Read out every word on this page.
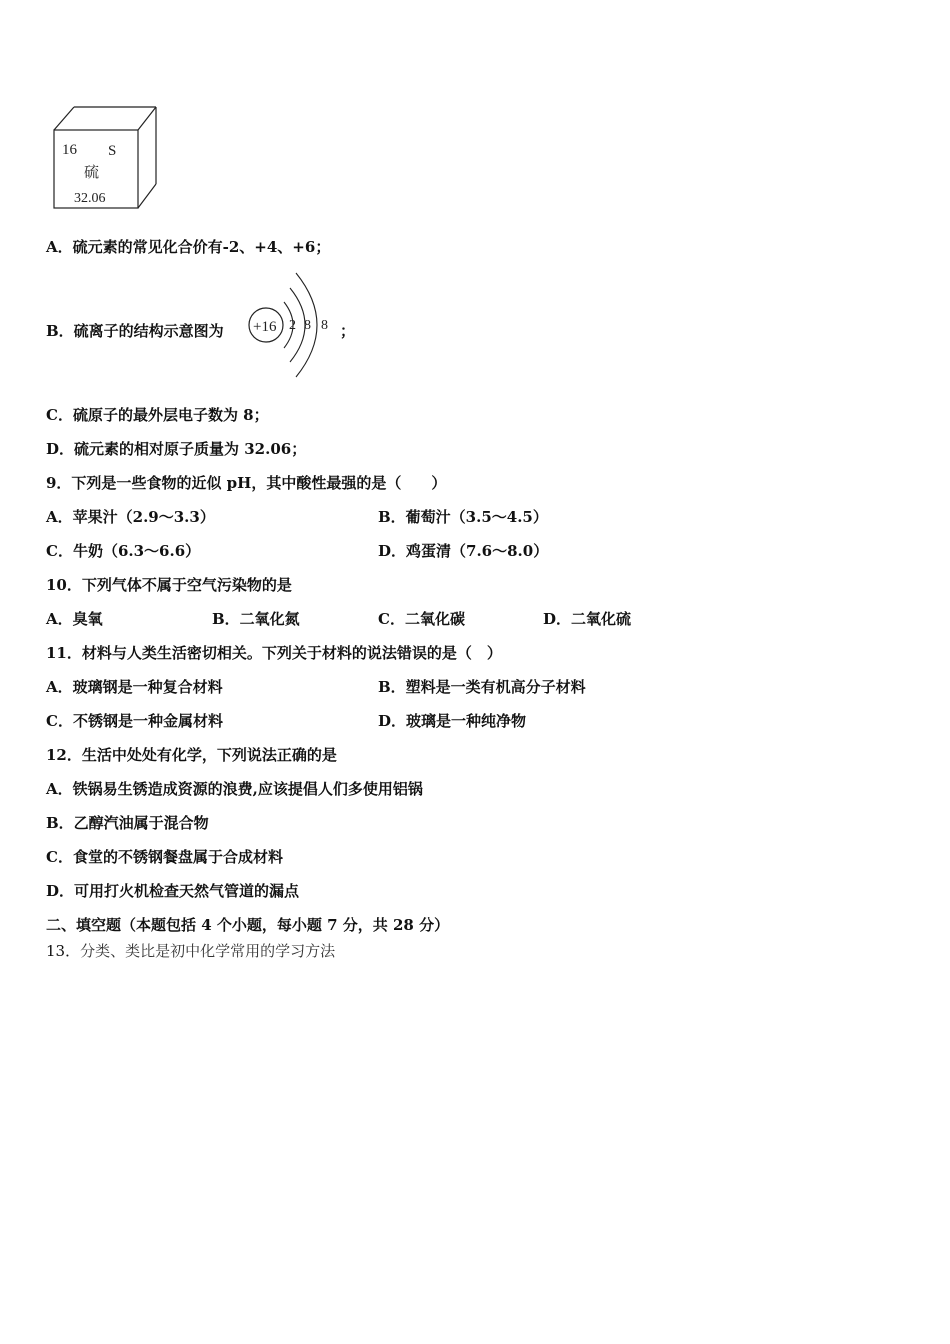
16 S
硫
32.06
A．硫元素的常见化合价有-2、+4、+6；
B．硫离子的结构示意图为 +16 2 8 8 ；
C．硫原子的最外层电子数为 8；
D．硫元素的相对原子质量为 32.06；
9．下列是一些食物的近似 pH，其中酸性最强的是（　　）
A．苹果汁（2.9～3.3）	B．葡萄汁（3.5～4.5）
C．牛奶（6.3～6.6）	D．鸡蛋清（7.6～8.0）
10．下列气体不属于空气污染物的是
A．臭氧	B．二氧化氮	C．二氧化碳	D．二氧化硫
11．材料与人类生活密切相关。下列关于材料的说法错误的是（　）
A．玻璃钢是一种复合材料	B．塑料是一类有机高分子材料
C．不锈钢是一种金属材料	D．玻璃是一种纯净物
12．生活中处处有化学，下列说法正确的是
A．铁锅易生锈造成资源的浪费,应该提倡人们多使用铝锅
B．乙醇汽油属于混合物
C．食堂的不锈钢餐盘属于合成材料
D．可用打火机检查天然气管道的漏点
二、填空题（本题包括 4 个小题，每小题 7 分，共 28 分）
13．分类、类比是初中化学常用的学习方法
